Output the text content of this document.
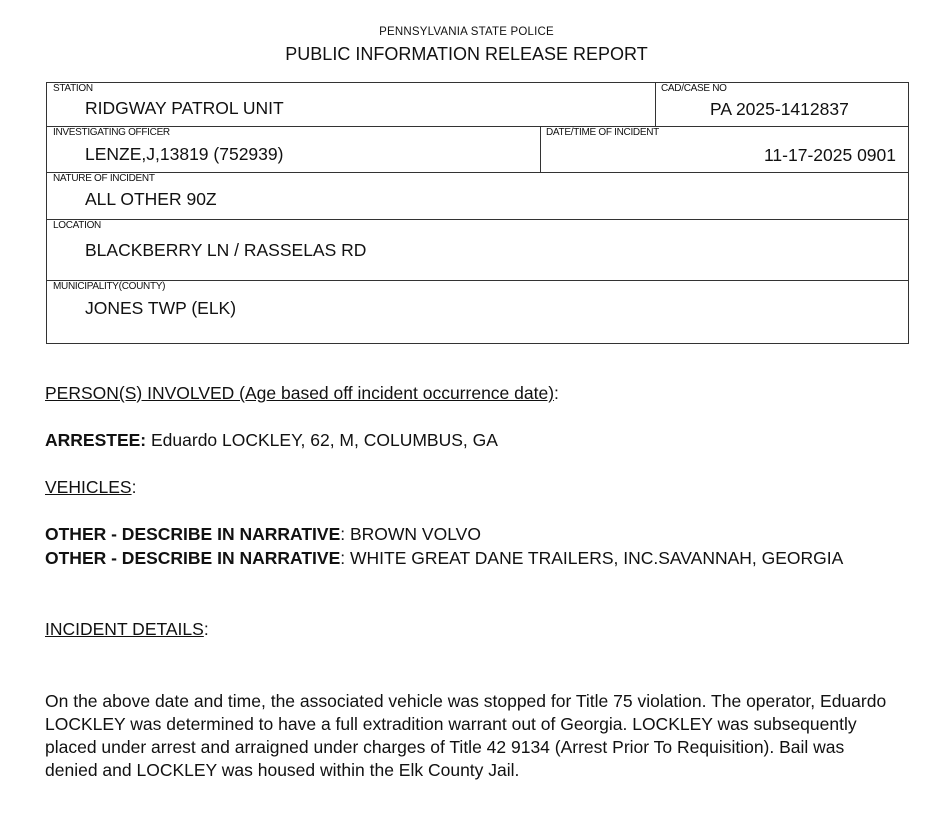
PENNSYLVANIA STATE POLICE
PUBLIC INFORMATION RELEASE REPORT
STATION
RIDGWAY PATROL UNIT
CAD/CASE NO
PA 2025-1412837
INVESTIGATING OFFICER
LENZE,J,13819 (752939)
DATE/TIME OF INCIDENT
11-17-2025 0901
NATURE OF INCIDENT
ALL OTHER 90Z
LOCATION
BLACKBERRY LN / RASSELAS RD
MUNICIPALITY(COUNTY)
JONES TWP (ELK)
PERSON(S) INVOLVED (Age based off incident occurrence date):
ARRESTEE: Eduardo LOCKLEY, 62, M, COLUMBUS, GA
VEHICLES:
OTHER - DESCRIBE IN NARRATIVE: BROWN VOLVO
OTHER - DESCRIBE IN NARRATIVE: WHITE GREAT DANE TRAILERS, INC.SAVANNAH, GEORGIA
INCIDENT DETAILS:
On the above date and time, the associated vehicle was stopped for Title 75 violation. The operator, Eduardo LOCKLEY was determined to have a full extradition warrant out of Georgia. LOCKLEY was subsequently placed under arrest and arraigned under charges of Title 42 9134 (Arrest Prior To Requisition). Bail was denied and LOCKLEY was housed within the Elk County Jail.
